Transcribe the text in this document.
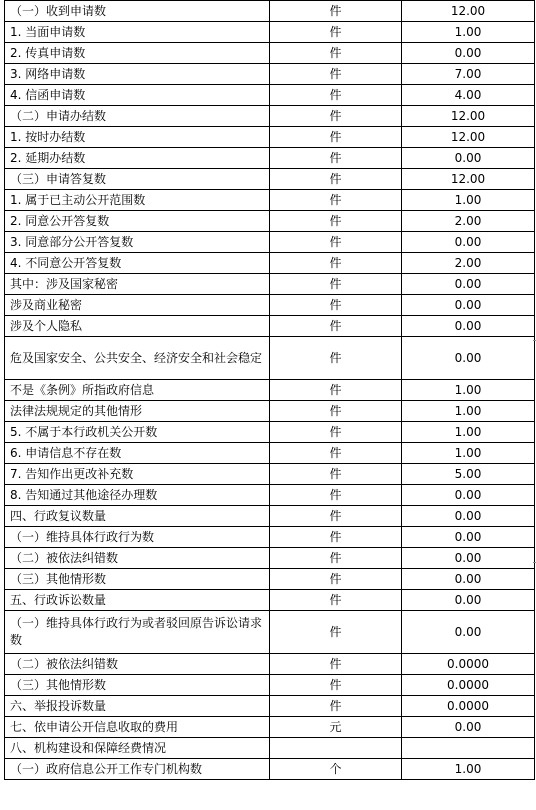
（一）收到申请数	件	12.00
1. 当面申请数	件	1.00
2. 传真申请数	件	0.00
3. 网络申请数	件	7.00
4. 信函申请数	件	4.00
（二）申请办结数	件	12.00
1. 按时办结数	件	12.00
2. 延期办结数	件	0.00
（三）申请答复数	件	12.00
1. 属于已主动公开范围数	件	1.00
2. 同意公开答复数	件	2.00
3. 同意部分公开答复数	件	0.00
4. 不同意公开答复数	件	2.00
其中：涉及国家秘密	件	0.00
涉及商业秘密	件	0.00
涉及个人隐私	件	0.00
危及国家安全、公共安全、经济安全和社会稳定	件	0.00
不是《条例》所指政府信息	件	1.00
法律法规规定的其他情形	件	1.00
5. 不属于本行政机关公开数	件	1.00
6. 申请信息不存在数	件	1.00
7. 告知作出更改补充数	件	5.00
8. 告知通过其他途径办理数	件	0.00
四、行政复议数量	件	0.00
（一）维持具体行政行为数	件	0.00
（二）被依法纠错数	件	0.00
（三）其他情形数	件	0.00
五、行政诉讼数量	件	0.00
（一）维持具体行政行为或者驳回原告诉讼请求数	件	0.00
（二）被依法纠错数	件	0.0000
（三）其他情形数	件	0.0000
六、举报投诉数量	件	0.0000
七、依申请公开信息收取的费用	元	0.00
八、机构建设和保障经费情况		
（一）政府信息公开工作专门机构数	个	1.00
